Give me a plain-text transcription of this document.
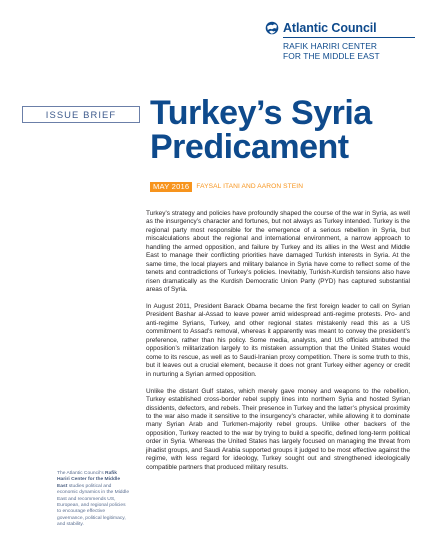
Atlantic Council
RAFIK HARIRI CENTER
FOR THE MIDDLE EAST
ISSUE BRIEF Turkey’s Syria
Predicament
MAY 2016	FAYSAL ITANI AND AARON STEIN

Turkey’s strategy and policies have profoundly shaped the course of the war in Syria, as well as the insurgency’s character and fortunes, but not always as Turkey intended. Turkey is the regional party most responsible for the emergence of a serious rebellion in Syria, but miscalculations about the regional and international environment, a narrow approach to handling the armed opposition, and failure by Turkey and its allies in the West and Middle East to manage their conflicting priorities have damaged Turkish interests in Syria. At the same time, the local players and military balance in Syria have come to reflect some of the tenets and contradictions of Turkey’s policies. Inevitably, Turkish-Kurdish tensions also have risen dramatically as the Kurdish Democratic Union Party (PYD) has captured substantial areas of Syria.

In August 2011, President Barack Obama became the first foreign leader to call on Syrian President Bashar al-Assad to leave power amid widespread anti-regime protests. Pro- and anti-regime Syrians, Turkey, and other regional states mistakenly read this as a US commitment to Assad’s removal, whereas it apparently was meant to convey the president’s preference, rather than his policy. Some media, analysts, and US officials attributed the opposition’s militarization largely to its mistaken assumption that the United States would come to its rescue, as well as to Saudi-Iranian proxy competition. There is some truth to this, but it leaves out a crucial element, because it does not grant Turkey either agency or credit in nurturing a Syrian armed opposition.

Unlike the distant Gulf states, which merely gave money and weapons to the rebellion, Turkey established cross-border rebel supply lines into northern Syria and hosted Syrian dissidents, defectors, and rebels. Their presence in Turkey and the latter’s physical proximity to the war also made it sensitive to the insurgency’s character, while allowing it to dominate many Syrian Arab and Turkmen-majority rebel groups. Unlike other backers of the opposition, Turkey reacted to the war by trying to build a specific, defined long-term political order in Syria. Whereas the United States has largely focused on managing the threat from jihadist groups, and Saudi Arabia supported groups it judged to be most effective against the regime, with less regard for ideology, Turkey sought out and strengthened ideologically compatible partners that produced military results.

The Atlantic Council’s Rafik Hariri Center for the Middle East studies political and economic dynamics in the Middle East and recommends US, European, and regional policies to encourage effective governance, political legitimacy, and stability.
